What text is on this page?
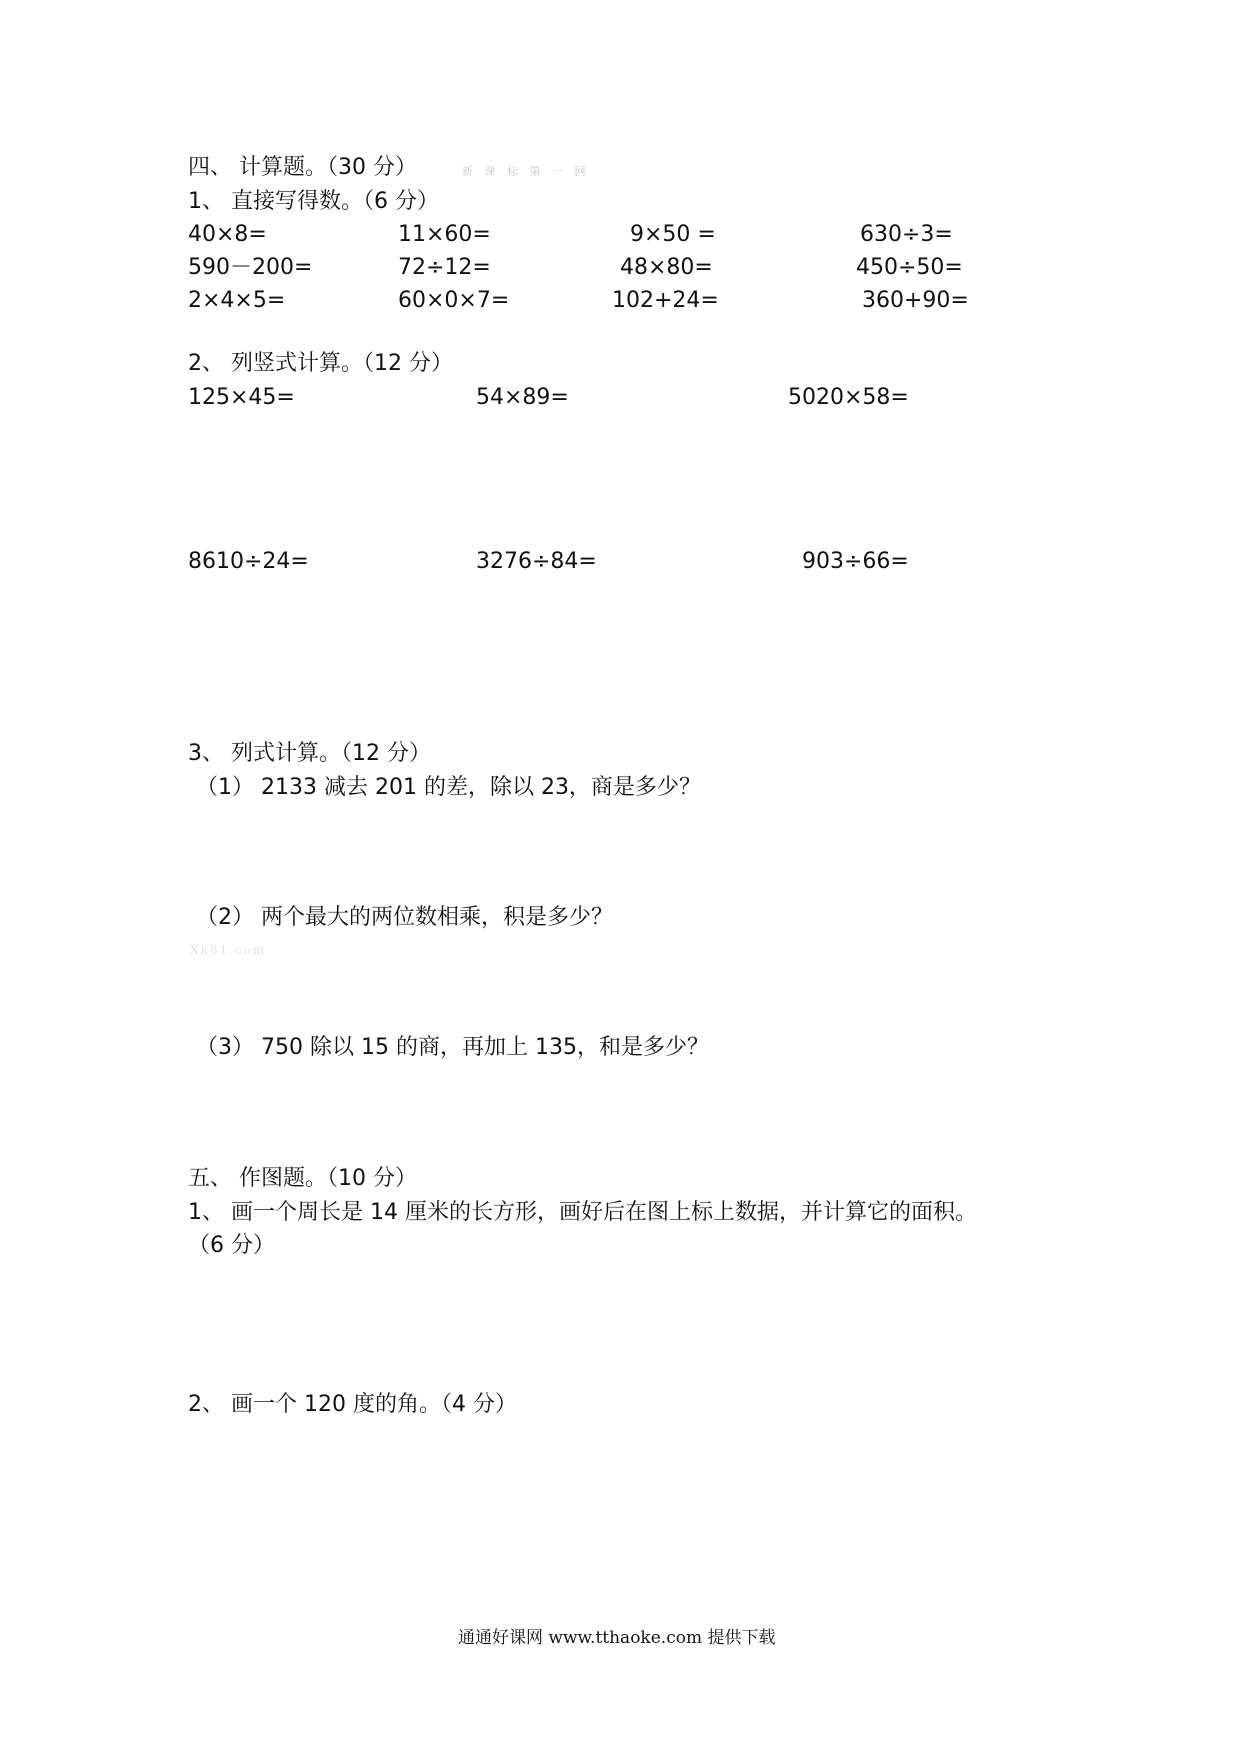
四、 计算题。（30 分）	新 课 标 第 一 网
1、 直接写得数。（6 分）
40×8=	11×60=	9×50 =	630÷3=
590－200=	72÷12=	48×80=	450÷50=
2×4×5=	60×0×7=	102+24=	360+90=
2、 列竖式计算。（12 分）
125×45=	54×89=	5020×58=
8610÷24=	3276÷84=	903÷66=
3、 列式计算。（12 分）
（1） 2133 减去 201 的差，除以 23，商是多少？
（2） 两个最大的两位数相乘，积是多少？
Xk81.com
（3） 750 除以 15 的商，再加上 135，和是多少？
五、 作图题。（10 分）
1、 画一个周长是 14 厘米的长方形，画好后在图上标上数据，并计算它的面积。
（6 分）
2、 画一个 120 度的角。（4 分）
通通好课网 www.tthaoke.com 提供下载
